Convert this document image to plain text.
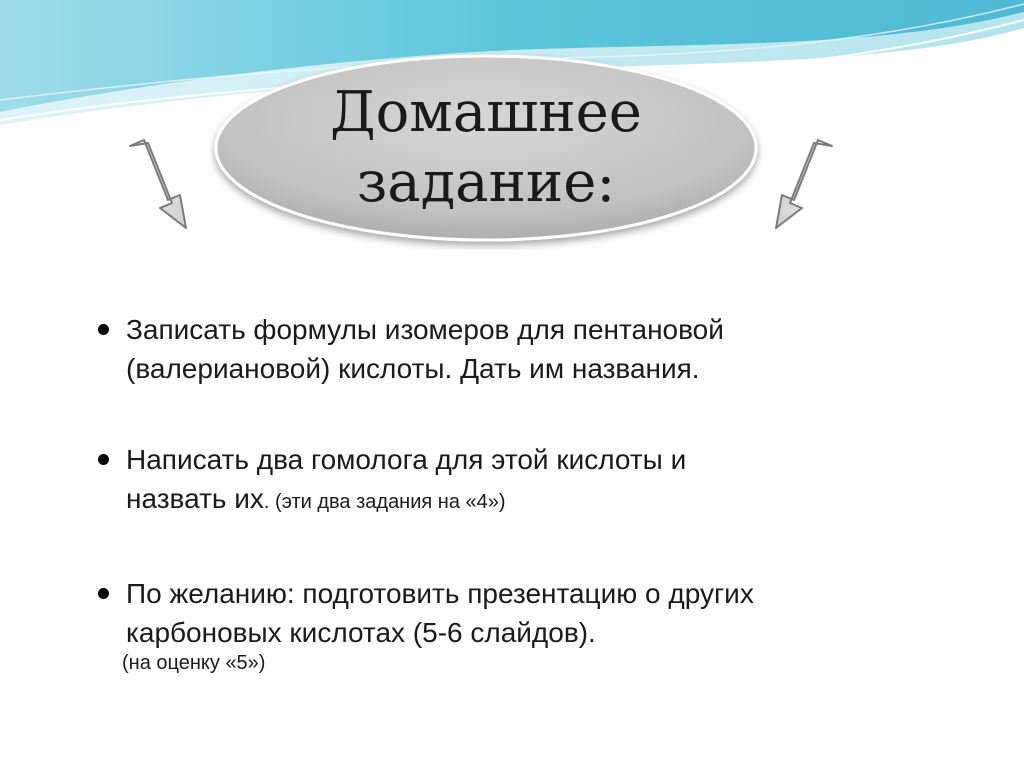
Домашнее
задание:
Записать формулы изомеров для пентановой
(валериановой) кислоты. Дать им названия.
Написать два гомолога для этой кислоты и
назвать их. (эти два задания на «4»)
По желанию: подготовить презентацию о других
карбоновых кислотах (5-6 слайдов).
(на оценку «5»)
